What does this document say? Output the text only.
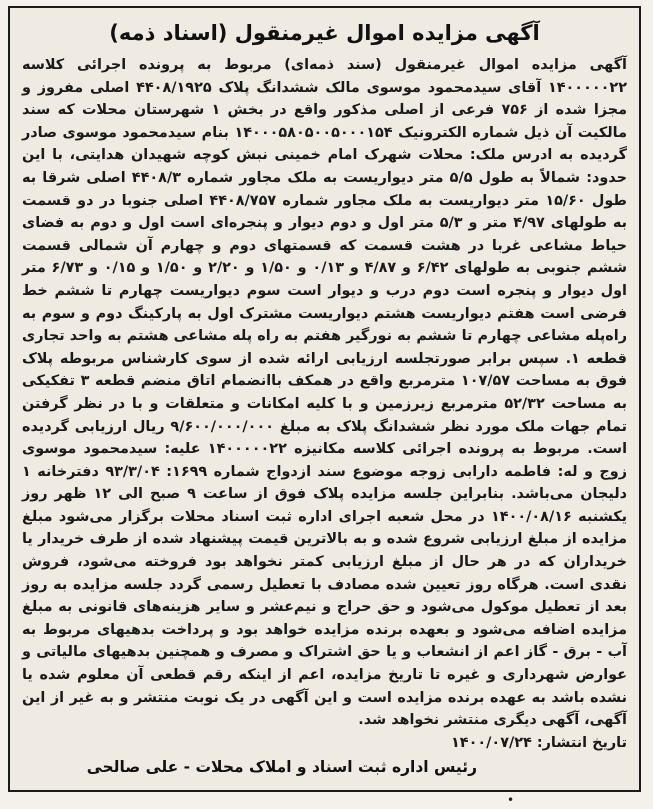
آگهی مزایده اموال غیرمنقول (اسناد ذمه)
آگهی مزایده اموال غیرمنقول (سند ذمه‌ای) مربوط به پرونده اجرائی کلاسه ۱۴۰۰۰۰۰۲۲ آقای سیدمحمود موسوی مالک ششدانگ پلاک ۴۴۰۸/۱۹۲۵ اصلی مفروز و مجزا شده از ۷۵۶ فرعی از اصلی مذکور واقع در بخش ۱ شهرستان محلات که سند مالکیت آن ذیل شماره الکترونیک ۱۴۰۰۰۵۸۰۵۰۰۵۰۰۰۱۵۴ بنام سیدمحمود موسوی صادر گردیده به ادرس ملک: محلات شهرک امام خمینی نبش کوچه شهیدان هدایتی، با این حدود: شمالاً به طول ۵/۵ متر دیواریست به ملک مجاور شماره ۴۴۰۸/۳ اصلی شرقا به طول ۱۵/۶۰ متر دیواریست به ملک مجاور شماره ۴۴۰۸/۷۵۷ اصلی جنوبا در دو قسمت به طولهای ۴/۹۷ متر و ۵/۳ متر اول و دوم دیوار و پنجره‌ای است اول و دوم به فضای حیاط مشاعی غربا در هشت قسمت که قسمتهای دوم و چهارم آن شمالی قسمت ششم جنوبی به طولهای ۶/۴۲ و ۴/۸۷ و ۰/۱۳ و ۱/۵۰ و ۲/۲۰ و ۱/۵۰ و ۰/۱۵ و ۶/۷۳ متر اول دیوار و پنجره است دوم درب و دیوار است سوم دیواریست چهارم تا ششم خط فرضی است هفتم دیواریست هشتم دیواریست مشترک اول به پارکینگ دوم و سوم به راه‌پله مشاعی چهارم تا ششم به نورگیر هفتم به راه پله مشاعی هشتم به واحد تجاری قطعه ۱. سپس برابر صورتجلسه ارزیابی ارائه شده از سوی کارشناس مربوطه پلاک فوق به مساحت ۱۰۷/۵۷ مترمربع واقع در همکف باانضمام اتاق منضم قطعه ۳ تفکیکی به مساحت ۵۲/۳۲ مترمربع زیرزمین و با کلیه امکانات و متعلقات و با در نظر گرفتن تمام جهات ملک مورد نظر ششدانگ پلاک به مبلغ ۹/۶۰۰/۰۰۰/۰۰۰ ریال ارزیابی گردیده است. مربوط به پرونده اجرائی کلاسه مکانیزه ۱۴۰۰۰۰۰۲۲ علیه: سیدمحمود موسوی زوج و له: فاطمه دارابی زوجه موضوع سند ازدواج شماره ۱۶۹۹: ۹۳/۳/۰۴ دفترخانه ۱ دلیجان می‌باشد. بنابراین جلسه مزایده پلاک فوق از ساعت ۹ صبح الی ۱۲ ظهر روز یکشنبه ۱۴۰۰/۰۸/۱۶ در محل شعبه اجرای اداره ثبت اسناد محلات برگزار می‌شود مبلغ مزایده از مبلغ ارزیابی شروع شده و به بالاترین قیمت پیشنهاد شده از طرف خریدار یا خریداران که در هر حال از مبلغ ارزیابی کمتر نخواهد بود فروخته می‌شود، فروش نقدی است. هرگاه روز تعیین شده مصادف با تعطیل رسمی گردد جلسه مزایده به روز بعد از تعطیل موکول می‌شود و حق حراج و نیم‌عشر و سایر هزینه‌های قانونی به مبلغ مزایده اضافه می‌شود و بعهده برنده مزایده خواهد بود و پرداخت بدهیهای مربوط به آب - برق - گاز اعم از انشعاب و یا حق اشتراک و مصرف و همچنین بدهیهای مالیاتی و عوارض شهرداری و غیره تا تاریخ مزایده، اعم از اینکه رقم قطعی آن معلوم شده یا نشده باشد به عهده برنده مزایده است و این آگهی در یک نوبت منتشر و به غیر از این آگهی، آگهی دیگری منتشر نخواهد شد.
تاریخ انتشار: ۱۴۰۰/۰۷/۲۴
رئیس اداره ثبت اسناد و املاک محلات - علی صالحی
•
